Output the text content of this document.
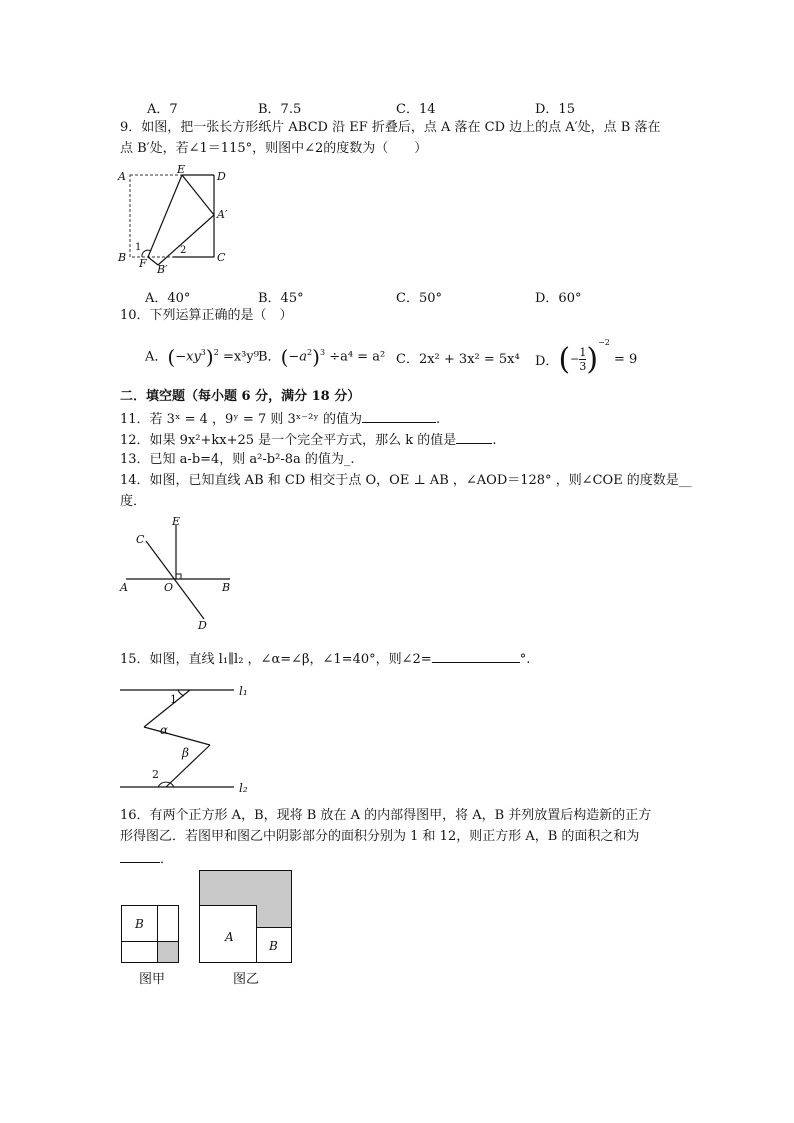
A．7	B．7.5	C．14	D．15
9．如图，把一张长方形纸片 ABCD 沿 EF 折叠后，点 A 落在 CD 边上的点 A′处，点 B 落在
点 B′处，若∠1＝115°，则图中∠2的度数为（　　）
A
E
D
A′
B
1	2
F B′
C
A．40°	B．45°	C．50°	D．60°
10．下列运算正确的是（　）
A．$(-xy^3)^2 =x^3y^9$ B．$(-a^2)^3 \div a^4 = a^2$ C．2x² + 3x² = 5x⁴ D．(− $\frac{1}{3} )^{-2} = 9$
二．填空题（每小题 6 分，满分 18 分）
11．若 3ˣ = 4 ，9ʸ = 7 则 3ˣ⁻²ʸ 的值为	.
12．如果 9x²+kx+25 是一个完全平方式，那么 k 的值是	.
13．已知 a-b=4，则 a²-b²-8a 的值为_.
14．如图，已知直线 AB 和 CD 相交于点 O，OE ⊥ AB ，∠AOD＝128° ，则∠COE 的度数是__
度．
E
C
A	O	B
D
15．如图，直线 l₁∥l₂ ，∠α=∠β，∠1=40°，则∠2=	°.
l₁
l₂
1
α
β
2
16．有两个正方形 A，B，现将 B 放在 A 的内部得图甲，将 A，B 并列放置后构造新的正方
形得图乙．若图甲和图乙中阴影部分的面积分别为 1 和 12，则正方形 A，B 的面积之和为
．
B
图甲
A
B
图乙
